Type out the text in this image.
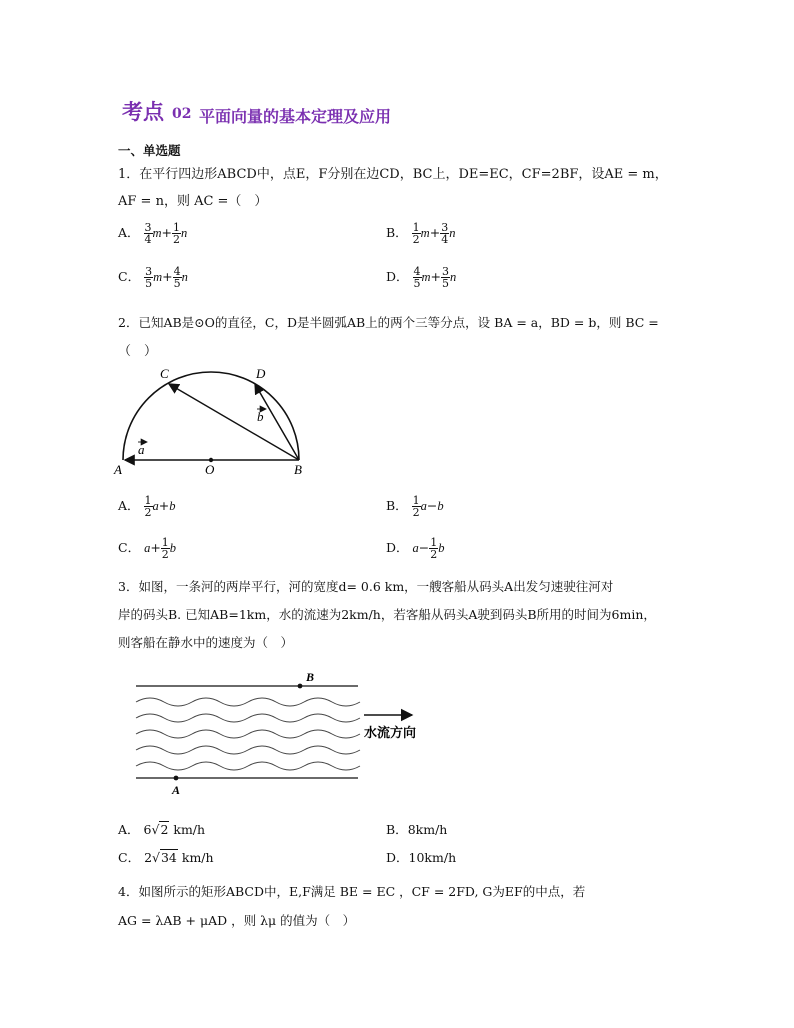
考点 02 平面向量的基本定理及应用
一、单选题
1．在平行四边形ABCD中，点E，F分别在边CD，BC上，DE=EC，CF=2BF，设AE = m，
AF = n，则 AC =（　）
A． $\frac{3}{4} m+ \frac{1}{2}$ n	B． $\frac{1}{2} m+ \frac{3}{4}$ n
C． $\frac{3}{5} m+ \frac{4}{5}$ n	D． $\frac{4}{5} m+ \frac{3}{5}$ n
2．已知AB是⊙O的直径，C，D是半圆弧AB上的两个三等分点，设 BA = a，BD = b，则 BC =
（　）
C	D
A	O	B
a
b
A． $\frac{1}{2} a+b$	B． $\frac{1}{2} a-b$
C． $a+ \frac{1}{2}$ b	D． $a- \frac{1}{2}$ b
3．如图，一条河的两岸平行，河的宽度d= 0.6 km，一艘客船从码头A出发匀速驶往河对
岸的码头B. 已知AB=1km，水的流速为2km/h，若客船从码头A驶到码头B所用的时间为6min，
则客船在静水中的速度为（　）
B
A
水流方向
A． 6√2 km/h	B．8km/h
C． 2√34 km/h	D．10km/h
4．如图所示的矩形ABCD中，E,F满足 BE = EC ，CF = 2FD, G为EF的中点，若
AG = λAB + μAD ，则 λμ 的值为（　）
